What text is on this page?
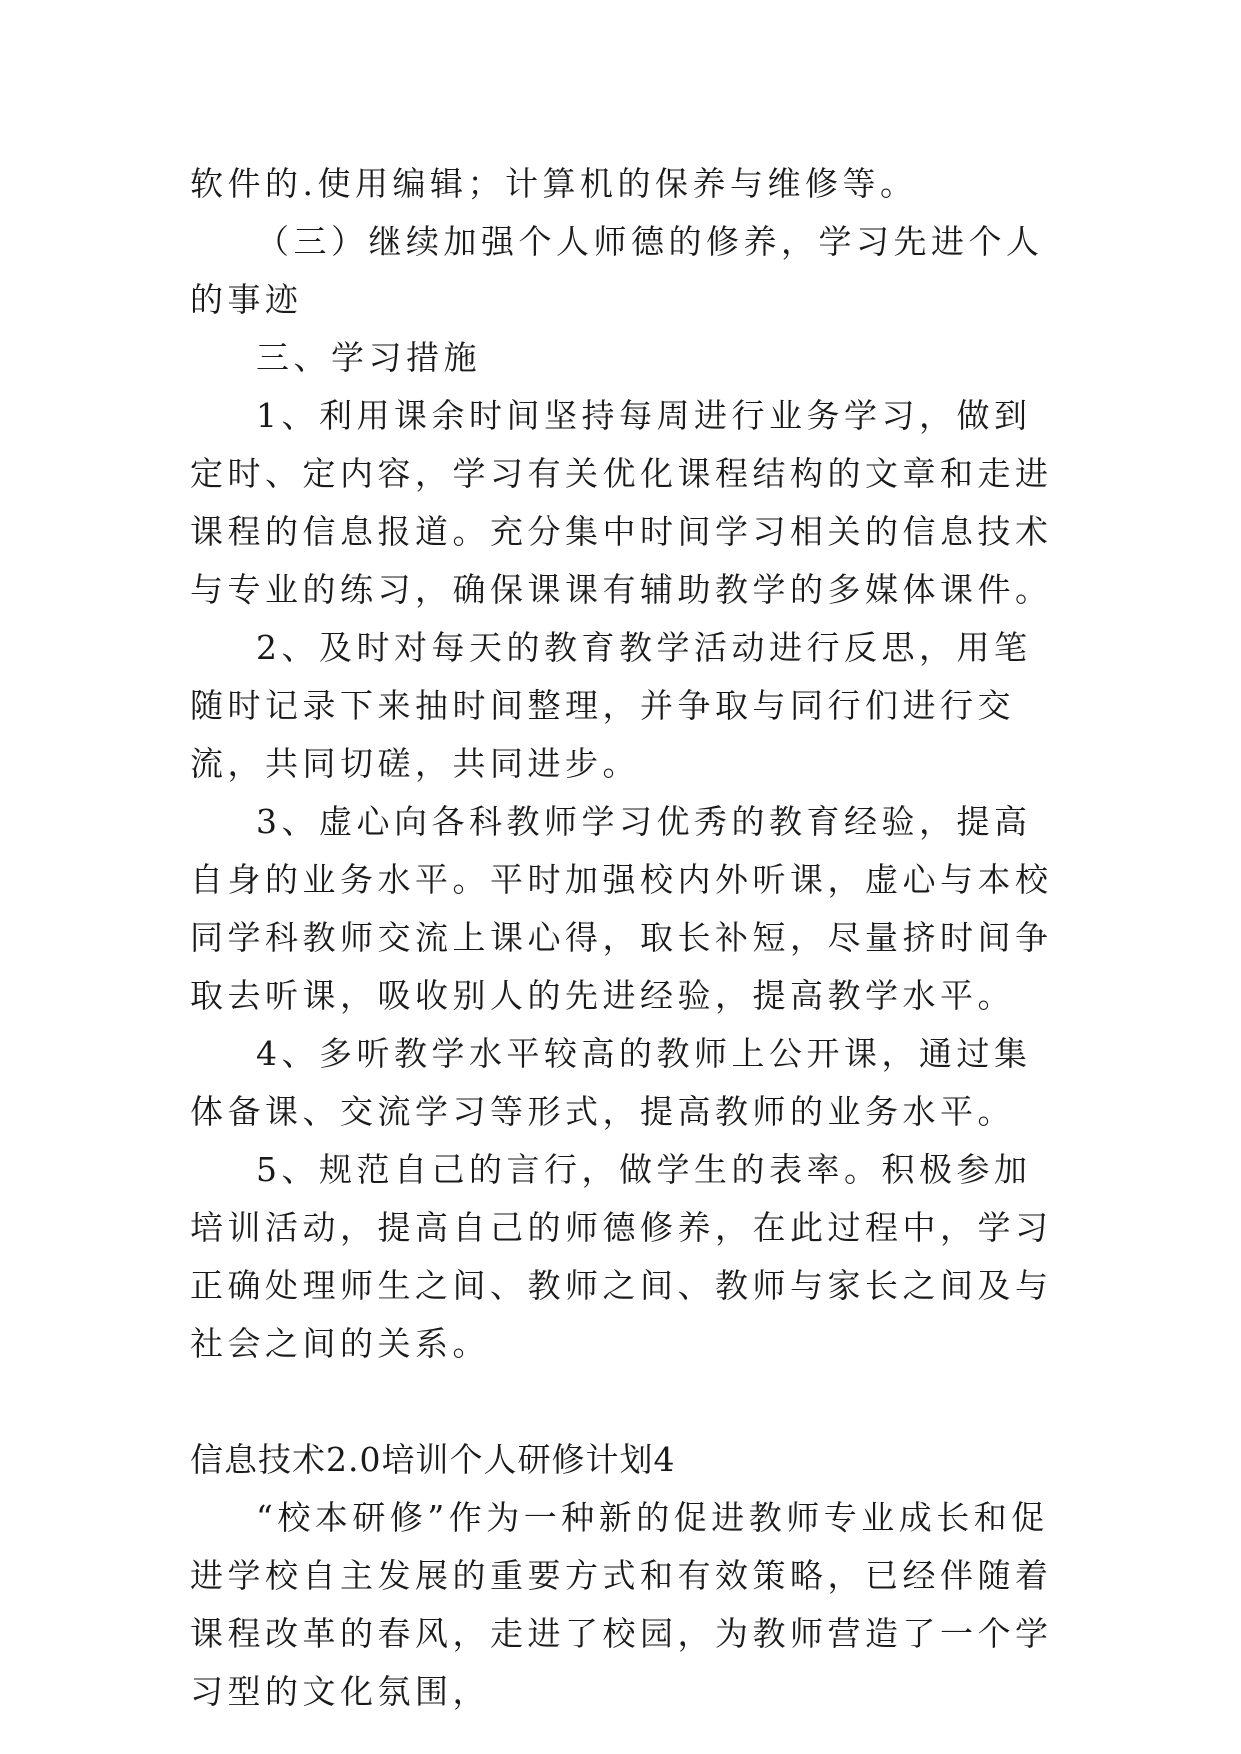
软件的.使用编辑；计算机的保养与维修等。

（三）继续加强个人师德的修养，学习先进个人的事迹

三、学习措施

1、利用课余时间坚持每周进行业务学习，做到定时、定内容，学习有关优化课程结构的文章和走进课程的信息报道。充分集中时间学习相关的信息技术与专业的练习，确保课课有辅助教学的多媒体课件。

2、及时对每天的教育教学活动进行反思，用笔随时记录下来抽时间整理，并争取与同行们进行交流，共同切磋，共同进步。

3、虚心向各科教师学习优秀的教育经验，提高自身的业务水平。平时加强校内外听课，虚心与本校同学科教师交流上课心得，取长补短，尽量挤时间争取去听课，吸收别人的先进经验，提高教学水平。

4、多听教学水平较高的教师上公开课，通过集体备课、交流学习等形式，提高教师的业务水平。

5、规范自己的言行，做学生的表率。积极参加培训活动，提高自己的师德修养，在此过程中，学习正确处理师生之间、教师之间、教师与家长之间及与社会之间的关系。

信息技术2.0培训个人研修计划4

“校本研修”作为一种新的促进教师专业成长和促进学校自主发展的重要方式和有效策略，已经伴随着课程改革的春风，走进了校园，为教师营造了一个学习型的文化氛围，
